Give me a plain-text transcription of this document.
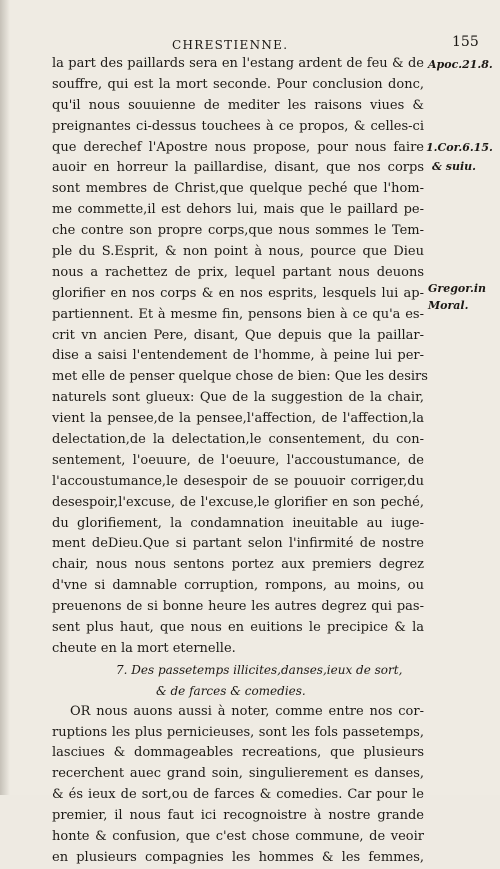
CHRESTIENNE.	155
la part des paillards sera en l'estang ardent de feu & de
souffre, qui est la mort seconde. Pour conclusion donc,
qu'il nous souuienne de mediter les raisons viues &
preignantes ci-dessus touchees à ce propos, & celles-ci
que derechef l'Apostre nous propose, pour nous faire
auoir en horreur la paillardise, disant, que nos corps
sont membres de Christ,que quelque peché que l'hom-
me commette,il est dehors lui, mais que le paillard pe-
che contre son propre corps,que nous sommes le Tem-
ple du S.Esprit, & non point à nous, pource que Dieu
nous a rachettez de prix, lequel partant nous deuons
glorifier en nos corps & en nos esprits, lesquels lui ap-
partiennent. Et à mesme fin, pensons bien à ce qu'a es-
crit vn ancien Pere, disant, Que depuis que la paillar-
dise a saisi l'entendement de l'homme, à peine lui per-
met elle de penser quelque chose de bien: Que les desirs
naturels sont glueux: Que de la suggestion de la chair,
vient la pensee,de la pensee,l'affection, de l'affection,la
delectation,de la delectation,le consentement, du con-
sentement, l'oeuure, de l'oeuure, l'accoustumance, de
l'accoustumance,le desespoir de se pouuoir corriger,du
desespoir,l'excuse, de l'excuse,le glorifier en son peché,
du glorifiement, la condamnation ineuitable au iuge-
ment deDieu.Que si partant selon l'infirmité de nostre
chair, nous nous sentons portez aux premiers degrez
d'vne si damnable corruption, rompons, au moins, ou
preuenons de si bonne heure les autres degrez qui pas-
sent plus haut, que nous en euitions le precipice & la
cheute en la mort eternelle.
7. Des passetemps illicites,danses,ieux de sort,
& de farces & comedies.
OR nous auons aussi à noter, comme entre nos cor-
ruptions les plus pernicieuses, sont les fols passetemps,
lasciues & dommageables recreations, que plusieurs
recerchent auec grand soin, singulierement es danses,
& és ieux de sort,ou de farces & comedies. Car pour le
premier, il nous faut ici recognoistre à nostre grande
honte & confusion, que c'est chose commune, de veoir
en plusieurs compagnies les hommes & les femmes,
Apoc.21.8.
1.Cor.6.15.
& suiu.
Gregor.in
Moral.
